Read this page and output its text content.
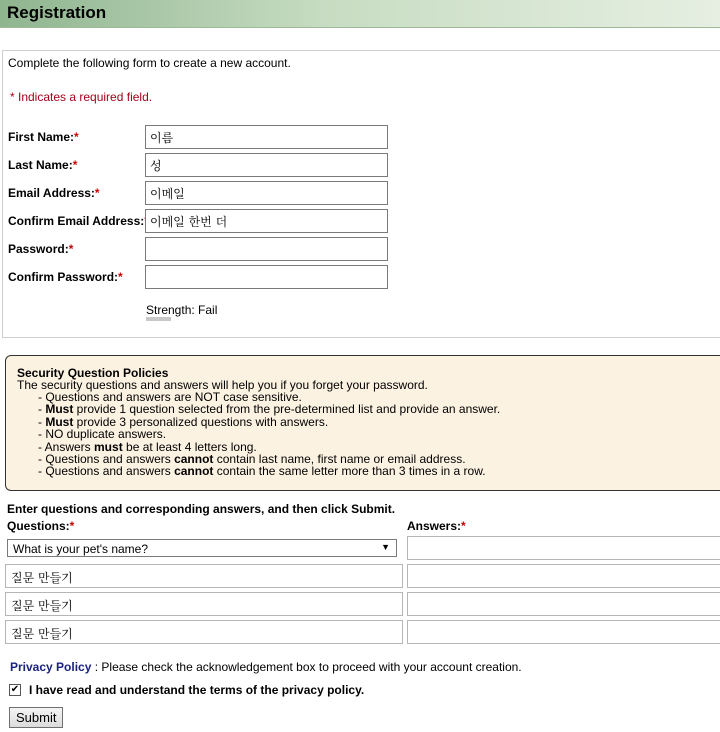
Registration
Complete the following form to create a new account.
* Indicates a required field.
First Name:*	이름
Last Name:*	성
Email Address:*	이메일
Confirm Email Address: 이메일 한번 더
Password:*
Confirm Password:*
Strength: Fail
Security Question Policies
The security questions and answers will help you if you forget your password.
- Questions and answers are NOT case sensitive.
- Must provide 1 question selected from the pre-determined list and provide an answer.
- Must provide 3 personalized questions with answers.
- NO duplicate answers.
- Answers must be at least 4 letters long.
- Questions and answers cannot contain last name, first name or email address.
- Questions and answers cannot contain the same letter more than 3 times in a row.
Enter questions and corresponding answers, and then click Submit.
Questions:*	Answers:*
What is your pet's name?	▼
질문 만들기
질문 만들기
질문 만들기
Privacy Policy : Please check the acknowledgement box to proceed with your account creation.
✔ I have read and understand the terms of the privacy policy.
Submit
